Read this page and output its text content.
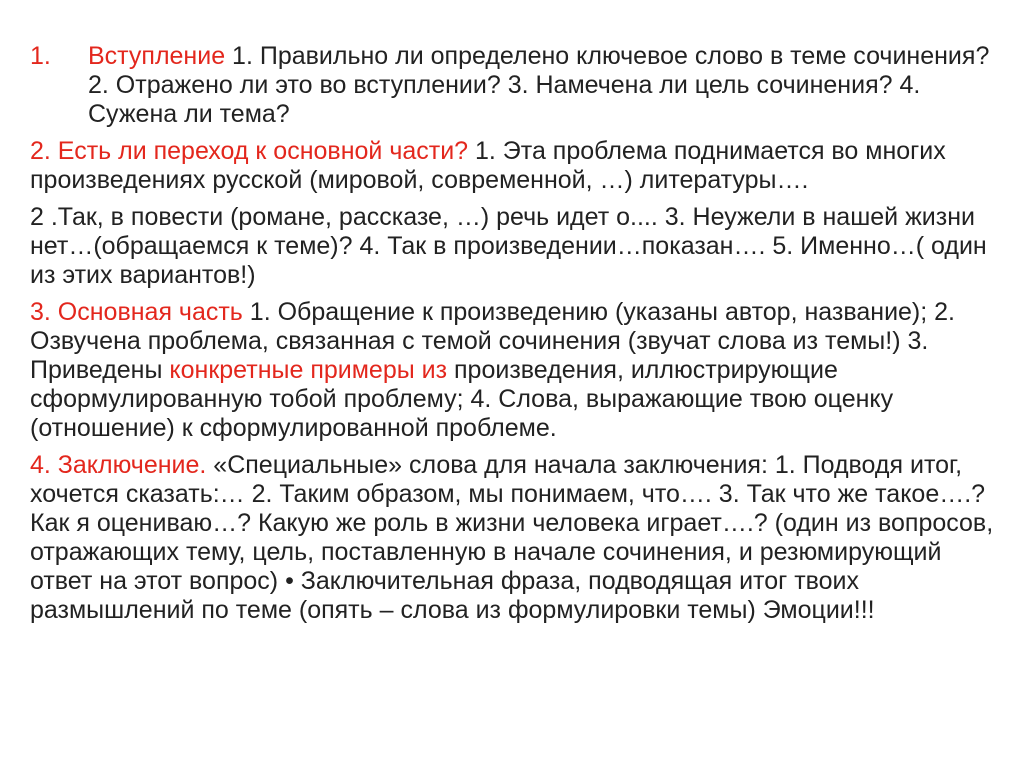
1.	Вступление 1. Правильно ли определено ключевое слово в теме сочинения? 2. Отражено ли это во вступлении? 3. Намечена ли цель сочинения? 4. Сужена ли тема?
2. Есть ли переход к основной части? 1. Эта проблема поднимается во многих произведениях русской (мировой, современной, …) литературы….
2 .Так, в повести (романе, рассказе, …) речь идет о.... 3. Неужели в нашей жизни нет…(обращаемся к теме)? 4. Так в произведении…показан…. 5. Именно…( один из этих вариантов!)
3. Основная часть 1. Обращение к произведению (указаны автор, название); 2. Озвучена проблема, связанная с темой сочинения (звучат слова из темы!) 3. Приведены конкретные примеры из произведения, иллюстрирующие сформулированную тобой проблему; 4. Слова, выражающие твою оценку (отношение) к сформулированной проблеме.
4. Заключение. «Специальные» слова для начала заключения: 1. Подводя итог, хочется сказать:… 2. Таким образом, мы понимаем, что…. 3. Так что же такое….? Как я оцениваю…? Какую же роль в жизни человека играет….? (один из вопросов, отражающих тему, цель, поставленную в начале сочинения, и резюмирующий ответ на этот вопрос) • Заключительная фраза, подводящая итог твоих размышлений по теме (опять – слова из формулировки темы) Эмоции!!!
